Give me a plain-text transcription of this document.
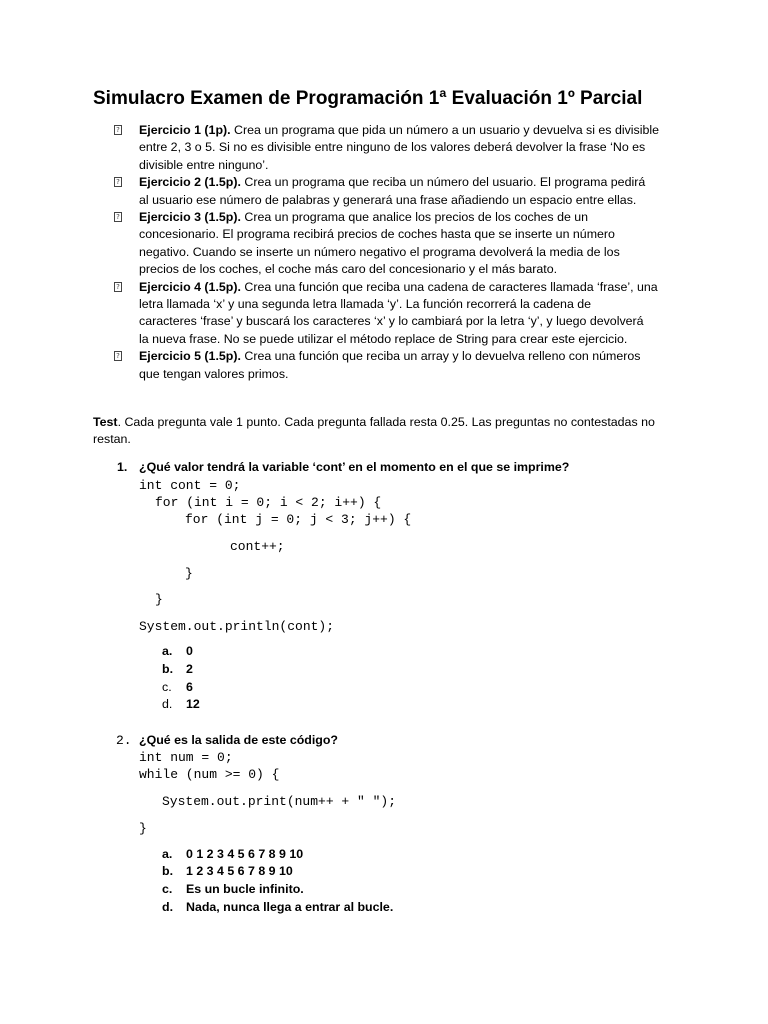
Simulacro Examen de Programación 1ª Evaluación 1º Parcial
? Ejercicio 1 (1p). Crea un programa que pida un número a un usuario y devuelva si es divisible
entre 2, 3 o 5. Si no es divisible entre ninguno de los valores deberá devolver la frase ‘No es
divisible entre ninguno’.
? Ejercicio 2 (1.5p). Crea un programa que reciba un número del usuario. El programa pedirá
al usuario ese número de palabras y generará una frase añadiendo un espacio entre ellas.
? Ejercicio 3 (1.5p). Crea un programa que analice los precios de los coches de un
concesionario. El programa recibirá precios de coches hasta que se inserte un número
negativo. Cuando se inserte un número negativo el programa devolverá la media de los
precios de los coches, el coche más caro del concesionario y el más barato.
? Ejercicio 4 (1.5p). Crea una función que reciba una cadena de caracteres llamada ‘frase’, una
letra llamada ‘x’ y una segunda letra llamada ‘y’. La función recorrerá la cadena de
caracteres ‘frase’ y buscará los caracteres ‘x’ y lo cambiará por la letra ‘y’, y luego devolverá
la nueva frase. No se puede utilizar el método replace de String para crear este ejercicio.
? Ejercicio 5 (1.5p). Crea una función que reciba un array y lo devuelva relleno con números
que tengan valores primos.
Test. Cada pregunta vale 1 punto. Cada pregunta fallada resta 0.25. Las preguntas no contestadas no
restan.
1. ¿Qué valor tendrá la variable ‘cont’ en el momento en el que se imprime?
int cont = 0;
for (int i = 0; i < 2; i++) {
for (int j = 0; j < 3; j++) {
cont++;
}
}
System.out.println(cont);
a. 0
b. 2
c. 6
d. 12
2. ¿Qué es la salida de este código?
int num = 0;
while (num >= 0) {
System.out.print(num++ + " ");
}
a. 0 1 2 3 4 5 6 7 8 9 10
b. 1 2 3 4 5 6 7 8 9 10
c. Es un bucle infinito.
d. Nada, nunca llega a entrar al bucle.
